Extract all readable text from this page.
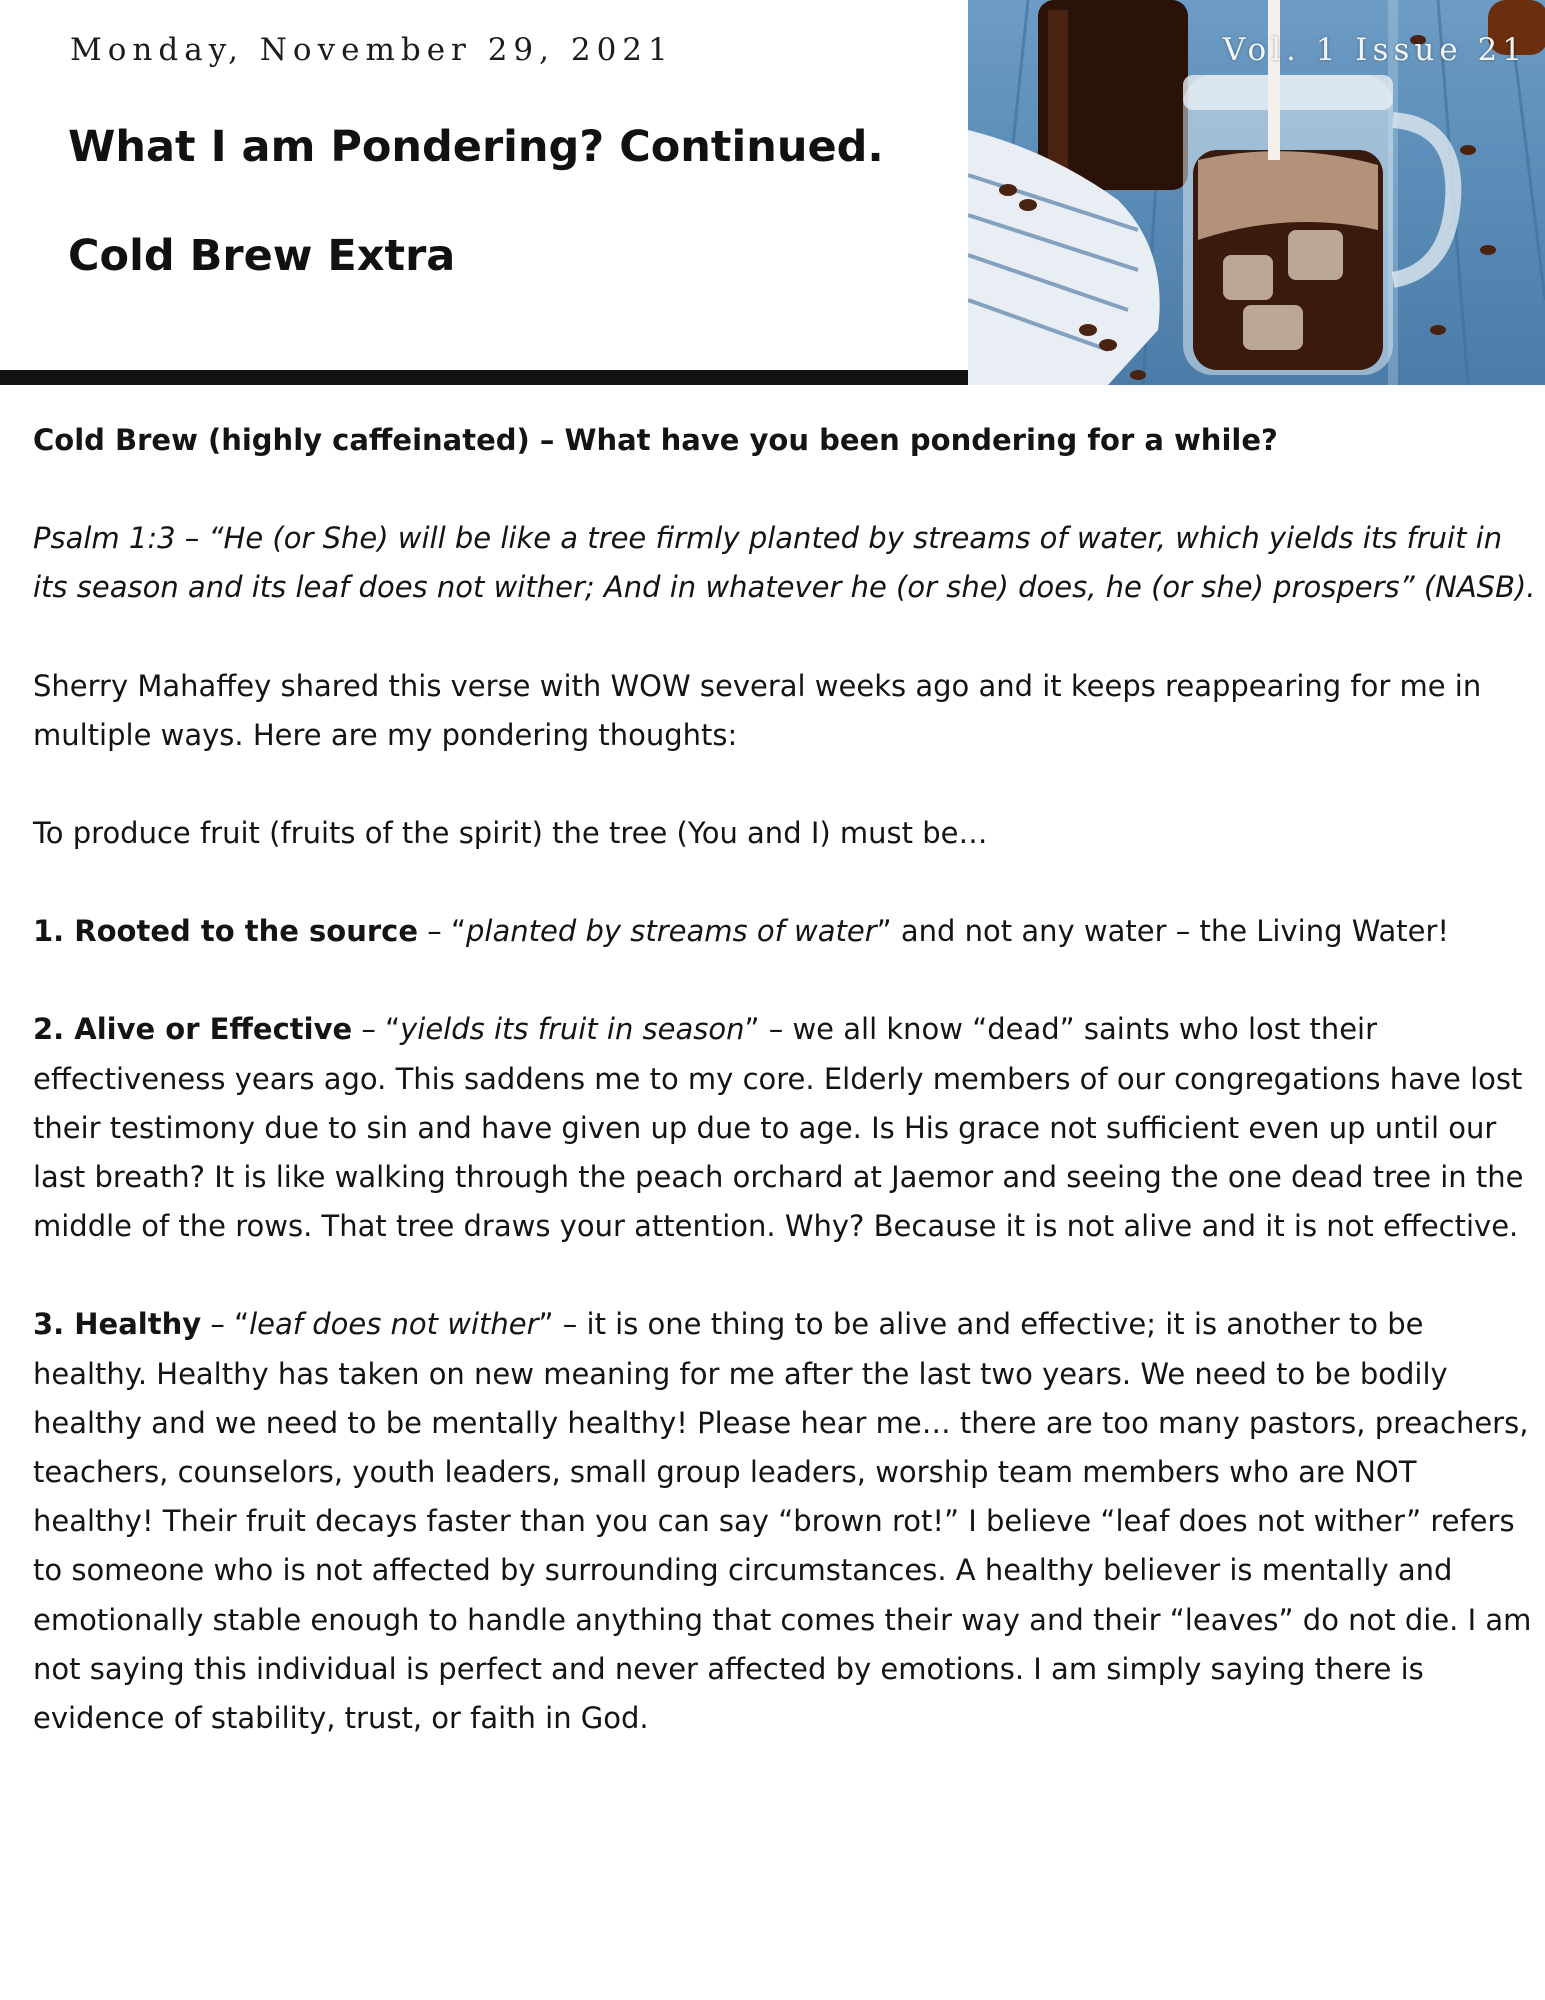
Monday, November 29, 2021
What I am Pondering? Continued.
Cold Brew Extra
Vol. 1 Issue 21

Cold Brew (highly caffeinated) – What have you been pondering for a while?

Psalm 1:3 – “He (or She) will be like a tree firmly planted by streams of water, which yields its fruit in its season and its leaf does not wither; And in whatever he (or she) does, he (or she) prospers” (NASB).

Sherry Mahaffey shared this verse with WOW several weeks ago and it keeps reappearing for me in multiple ways. Here are my pondering thoughts:

To produce fruit (fruits of the spirit) the tree (You and I) must be…

1. Rooted to the source – “planted by streams of water” and not any water – the Living Water!

2. Alive or Effective – “yields its fruit in season” – we all know “dead” saints who lost their effectiveness years ago. This saddens me to my core. Elderly members of our congregations have lost their testimony due to sin and have given up due to age. Is His grace not sufficient even up until our last breath? It is like walking through the peach orchard at Jaemor and seeing the one dead tree in the middle of the rows. That tree draws your attention. Why? Because it is not alive and it is not effective.

3. Healthy – “leaf does not wither” – it is one thing to be alive and effective; it is another to be healthy. Healthy has taken on new meaning for me after the last two years. We need to be bodily healthy and we need to be mentally healthy! Please hear me… there are too many pastors, preachers, teachers, counselors, youth leaders, small group leaders, worship team members who are NOT healthy! Their fruit decays faster than you can say “brown rot!” I believe “leaf does not wither” refers to someone who is not affected by surrounding circumstances. A healthy believer is mentally and emotionally stable enough to handle anything that comes their way and their “leaves” do not die. I am not saying this individual is perfect and never affected by emotions. I am simply saying there is evidence of stability, trust, or faith in God.
